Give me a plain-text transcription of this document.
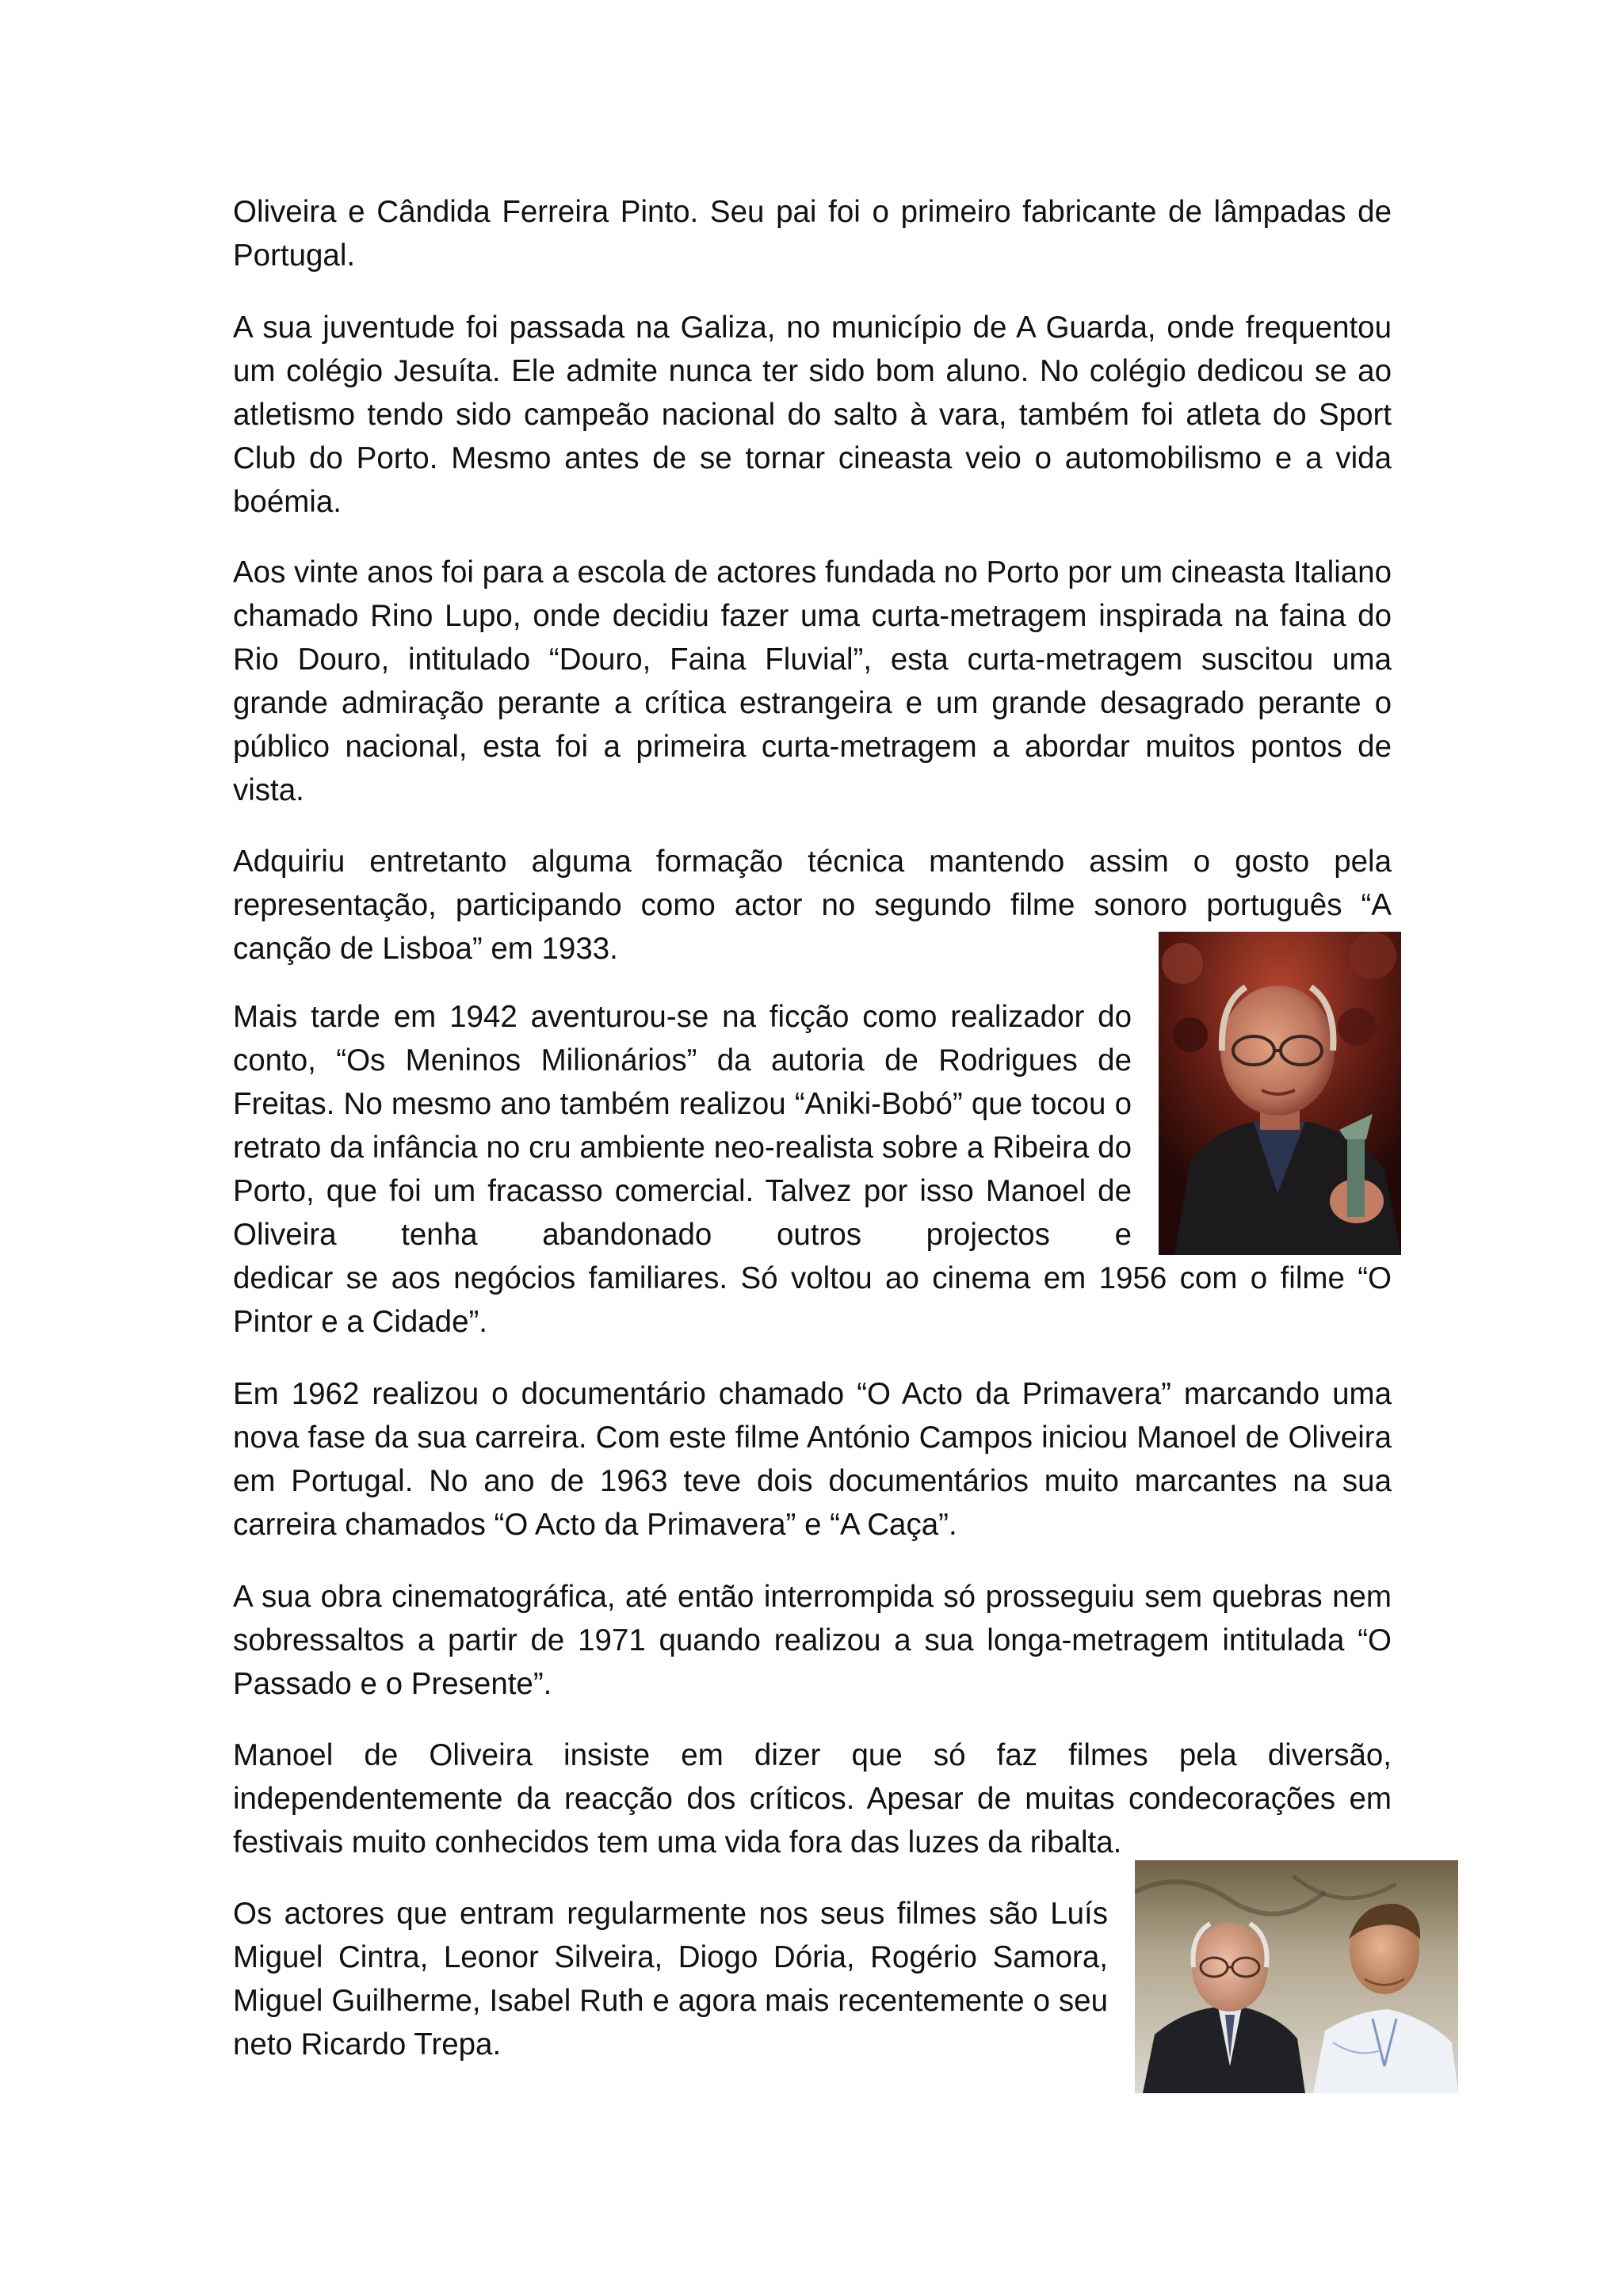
Oliveira e Cândida Ferreira Pinto. Seu pai foi o primeiro fabricante de lâmpadas de Portugal.

A sua juventude foi passada na Galiza, no município de A Guarda, onde frequentou um colégio Jesuíta. Ele admite nunca ter sido bom aluno. No colégio dedicou se ao atletismo tendo sido campeão nacional do salto à vara, também foi atleta do Sport Club do Porto. Mesmo antes de se tornar cineasta veio o automobilismo e a vida boémia.

Aos vinte anos foi para a escola de actores fundada no Porto por um cineasta Italiano chamado Rino Lupo, onde decidiu fazer uma curta-metragem inspirada na faina do Rio Douro, intitulado “Douro, Faina Fluvial”, esta curta-metragem suscitou uma grande admiração perante a crítica estrangeira e um grande desagrado perante o público nacional, esta foi a primeira curta-metragem a abordar muitos pontos de vista.

Adquiriu entretanto alguma formação técnica mantendo assim o gosto pela representação, participando como actor no segundo filme sonoro português “A canção de Lisboa” em 1933.

Mais tarde em 1942 aventurou-se na ficção como realizador do conto, “Os Meninos Milionários” da autoria de Rodrigues de Freitas. No mesmo ano também realizou “Aniki-Bobó” que tocou o retrato da infância no cru ambiente neo-realista sobre a Ribeira do Porto, que foi um fracasso comercial. Talvez por isso Manoel de Oliveira tenha abandonado outros projectos e

dedicar se aos negócios familiares. Só voltou ao cinema em 1956 com o filme “O Pintor e a Cidade”.

Em 1962 realizou o documentário chamado “O Acto da Primavera” marcando uma nova fase da sua carreira. Com este filme António Campos iniciou Manoel de Oliveira em Portugal. No ano de 1963 teve dois documentários muito marcantes na sua carreira chamados “O Acto da Primavera” e “A Caça”.

A sua obra cinematográfica, até então interrompida só prosseguiu sem quebras nem sobressaltos a partir de 1971 quando realizou a sua longa-metragem intitulada “O Passado e o Presente”.

Manoel de Oliveira insiste em dizer que só faz filmes pela diversão, independentemente da reacção dos críticos. Apesar de muitas condecorações em festivais muito conhecidos tem uma vida fora das luzes da ribalta.

Os actores que entram regularmente nos seus filmes são Luís Miguel Cintra, Leonor Silveira, Diogo Dória, Rogério Samora, Miguel Guilherme, Isabel Ruth e agora mais recentemente o seu neto Ricardo Trepa.
